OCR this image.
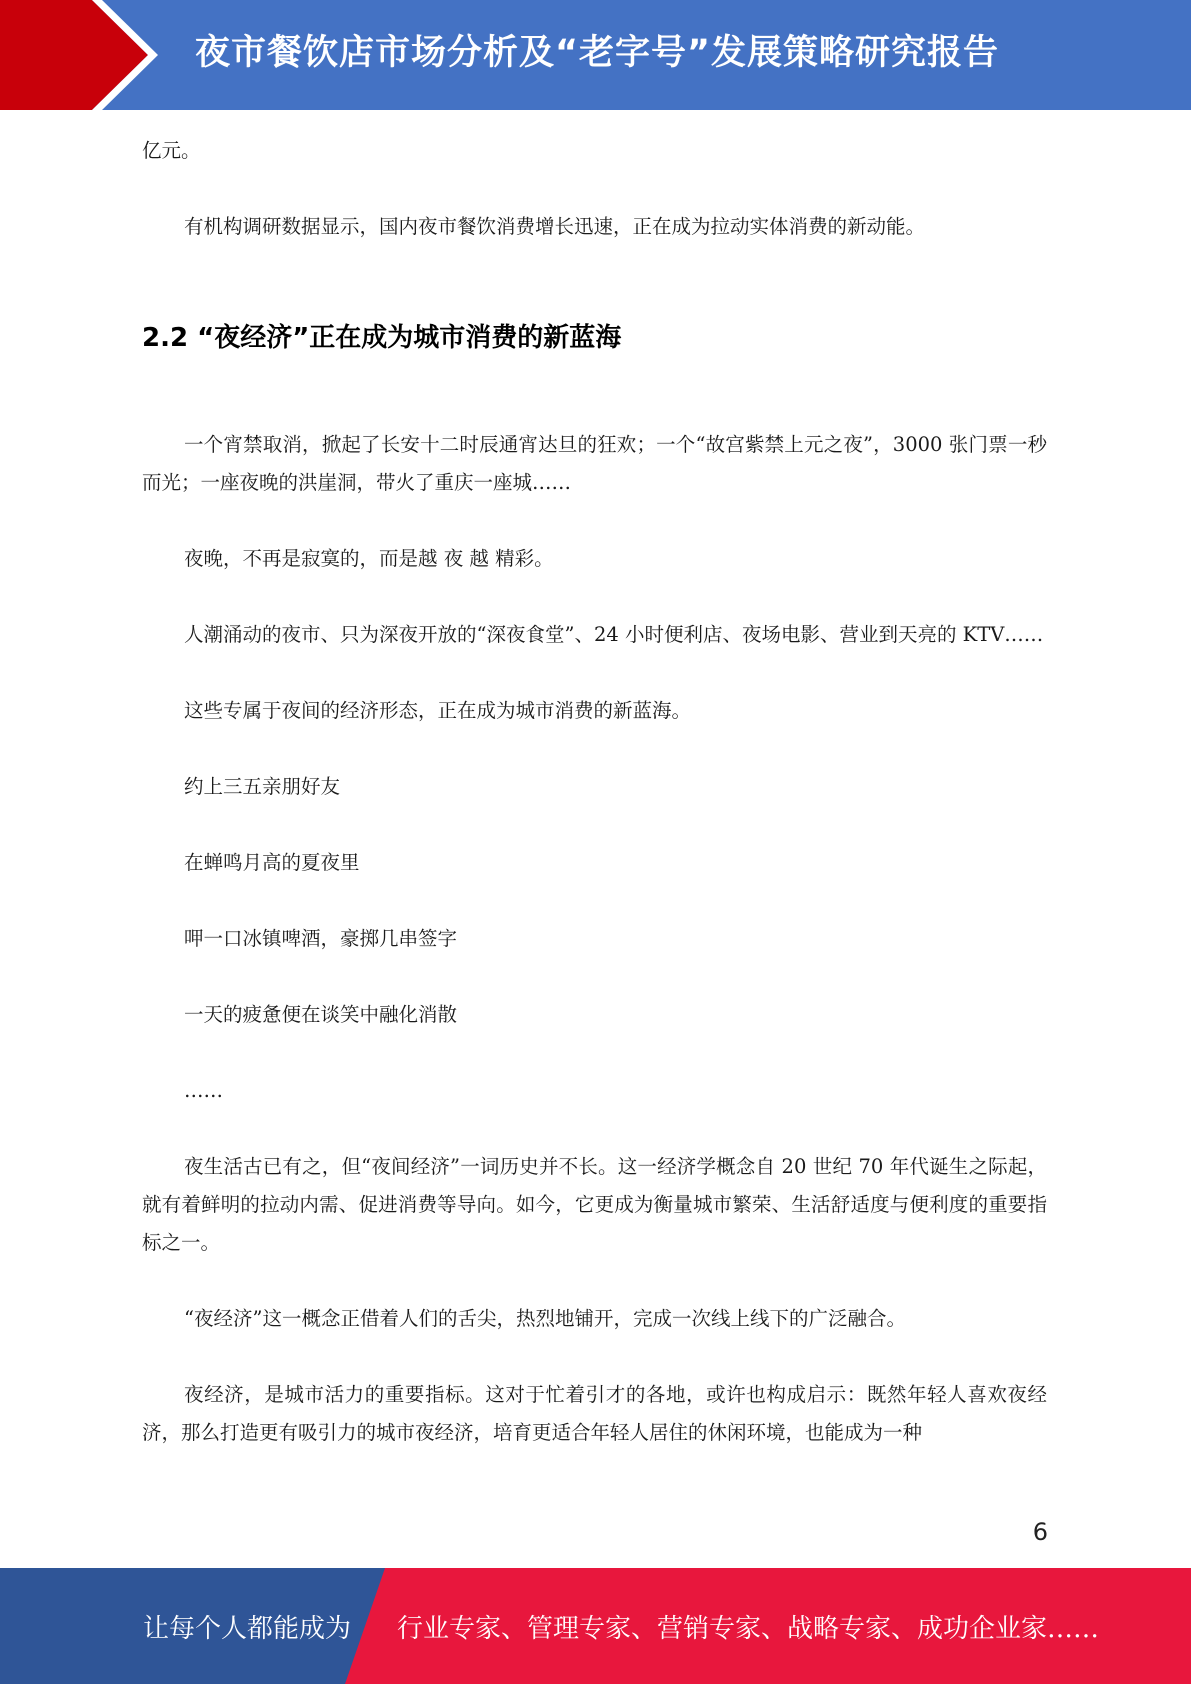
夜市餐饮店市场分析及“老字号”发展策略研究报告

亿元。

有机构调研数据显示，国内夜市餐饮消费增长迅速，正在成为拉动实体消费的新动能。

2.2 “夜经济”正在成为城市消费的新蓝海

一个宵禁取消，掀起了长安十二时辰通宵达旦的狂欢；一个“故宫紫禁上元之夜”，3000 张门票一秒而光；一座夜晚的洪崖洞，带火了重庆一座城……

夜晚，不再是寂寞的，而是越 夜 越 精彩。

人潮涌动的夜市、只为深夜开放的“深夜食堂”、24 小时便利店、夜场电影、营业到天亮的 KTV……

这些专属于夜间的经济形态，正在成为城市消费的新蓝海。

约上三五亲朋好友

在蝉鸣月高的夏夜里

呷一口冰镇啤酒，豪掷几串签字

一天的疲惫便在谈笑中融化消散

……

夜生活古已有之，但“夜间经济”一词历史并不长。这一经济学概念自 20 世纪 70 年代诞生之际起，就有着鲜明的拉动内需、促进消费等导向。如今，它更成为衡量城市繁荣、生活舒适度与便利度的重要指标之一。

“夜经济”这一概念正借着人们的舌尖，热烈地铺开，完成一次线上线下的广泛融合。

夜经济，是城市活力的重要指标。这对于忙着引才的各地，或许也构成启示：既然年轻人喜欢夜经济，那么打造更有吸引力的城市夜经济，培育更适合年轻人居住的休闲环境，也能成为一种

6
让每个人都能成为 行业专家、管理专家、营销专家、战略专家、成功企业家……
